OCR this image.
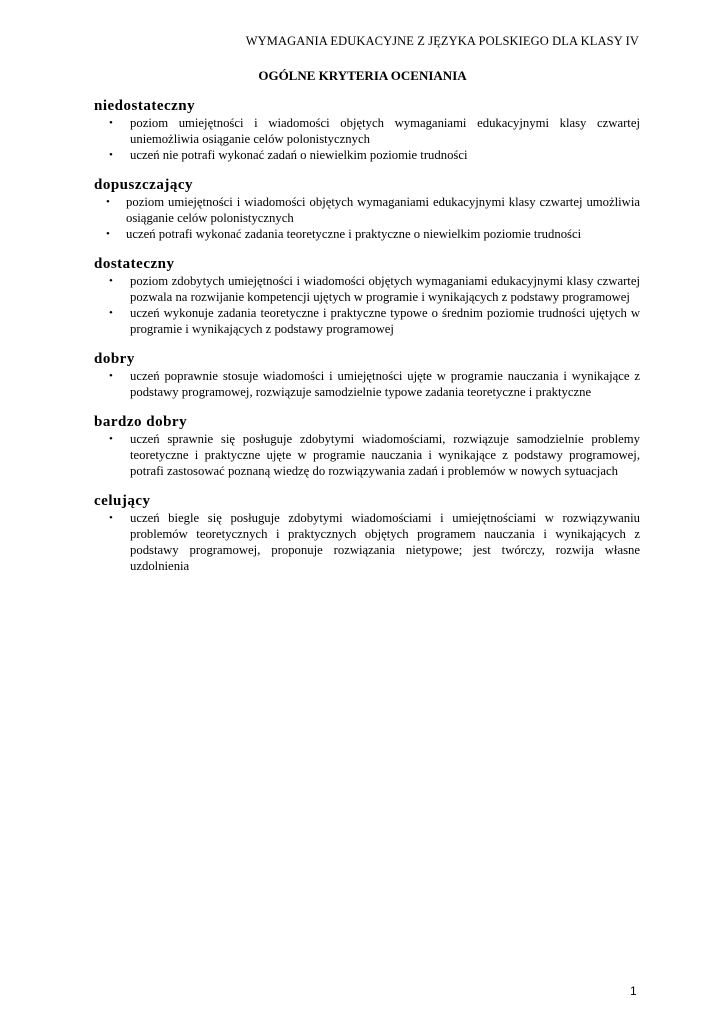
WYMAGANIA EDUKACYJNE Z JĘZYKA POLSKIEGO DLA KLASY IV
OGÓLNE KRYTERIA OCENIANIA
niedostateczny
• poziom umiejętności i wiadomości objętych wymaganiami edukacyjnymi klasy czwartej uniemożliwia osiąganie celów polonistycznych
• uczeń nie potrafi wykonać zadań o niewielkim poziomie trudności
dopuszczający
• poziom umiejętności i wiadomości objętych wymaganiami edukacyjnymi klasy czwartej umożliwia osiąganie celów polonistycznych
• uczeń potrafi wykonać zadania teoretyczne i praktyczne o niewielkim poziomie trudności
dostateczny
• poziom zdobytych umiejętności i wiadomości objętych wymaganiami edukacyjnymi klasy czwartej pozwala na rozwijanie kompetencji ujętych w programie i wynikających z podstawy programowej
• uczeń wykonuje zadania teoretyczne i praktyczne typowe o średnim poziomie trudności ujętych w programie i wynikających z podstawy programowej
dobry
• uczeń poprawnie stosuje wiadomości i umiejętności ujęte w programie nauczania i wynikające z podstawy programowej, rozwiązuje samodzielnie typowe zadania teoretyczne i praktyczne
bardzo dobry
• uczeń sprawnie się posługuje zdobytymi wiadomościami, rozwiązuje samodzielnie problemy teoretyczne i praktyczne ujęte w programie nauczania i wynikające z podstawy programowej, potrafi zastosować poznaną wiedzę do rozwiązywania zadań i problemów w nowych sytuacjach
celujący
• uczeń biegle się posługuje zdobytymi wiadomościami i umiejętnościami w rozwiązywaniu problemów teoretycznych i praktycznych objętych programem nauczania i wynikających z podstawy programowej, proponuje rozwiązania nietypowe; jest twórczy, rozwija własne uzdolnienia
1
